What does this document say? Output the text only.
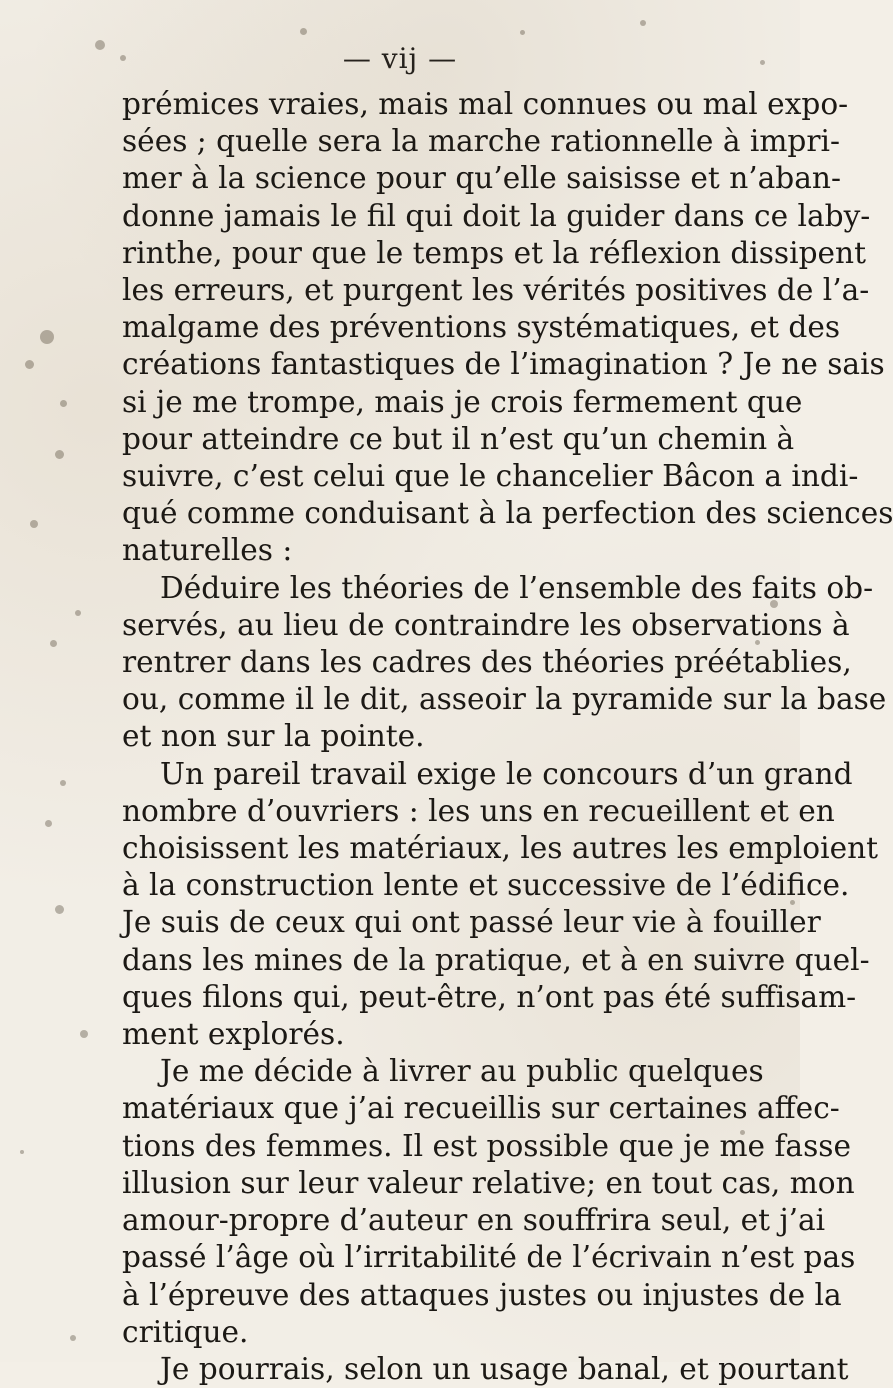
— vij —
prémices vraies, mais mal connues ou mal expo-
sées ; quelle sera la marche rationnelle à impri-
mer à la science pour qu’elle saisisse et n’aban-
donne jamais le fil qui doit la guider dans ce laby-
rinthe, pour que le temps et la réflexion dissipent
les erreurs, et purgent les vérités positives de l’a-
malgame des préventions systématiques, et des
créations fantastiques de l’imagination ? Je ne sais
si je me trompe, mais je crois fermement que
pour atteindre ce but il n’est qu’un chemin à
suivre, c’est celui que le chancelier Bâcon a indi-
qué comme conduisant à la perfection des sciences
naturelles :
Déduire les théories de l’ensemble des faits ob-
servés, au lieu de contraindre les observations à
rentrer dans les cadres des théories préétablies,
ou, comme il le dit, asseoir la pyramide sur la base
et non sur la pointe.
Un pareil travail exige le concours d’un grand
nombre d’ouvriers : les uns en recueillent et en
choisissent les matériaux, les autres les emploient
à la construction lente et successive de l’édifice.
Je suis de ceux qui ont passé leur vie à fouiller
dans les mines de la pratique, et à en suivre quel-
ques filons qui, peut-être, n’ont pas été suffisam-
ment explorés.
Je me décide à livrer au public quelques
matériaux que j’ai recueillis sur certaines affec-
tions des femmes. Il est possible que je me fasse
illusion sur leur valeur relative; en tout cas, mon
amour-propre d’auteur en souffrira seul, et j’ai
passé l’âge où l’irritabilité de l’écrivain n’est pas
à l’épreuve des attaques justes ou injustes de la
critique.
Je pourrais, selon un usage banal, et pourtant
